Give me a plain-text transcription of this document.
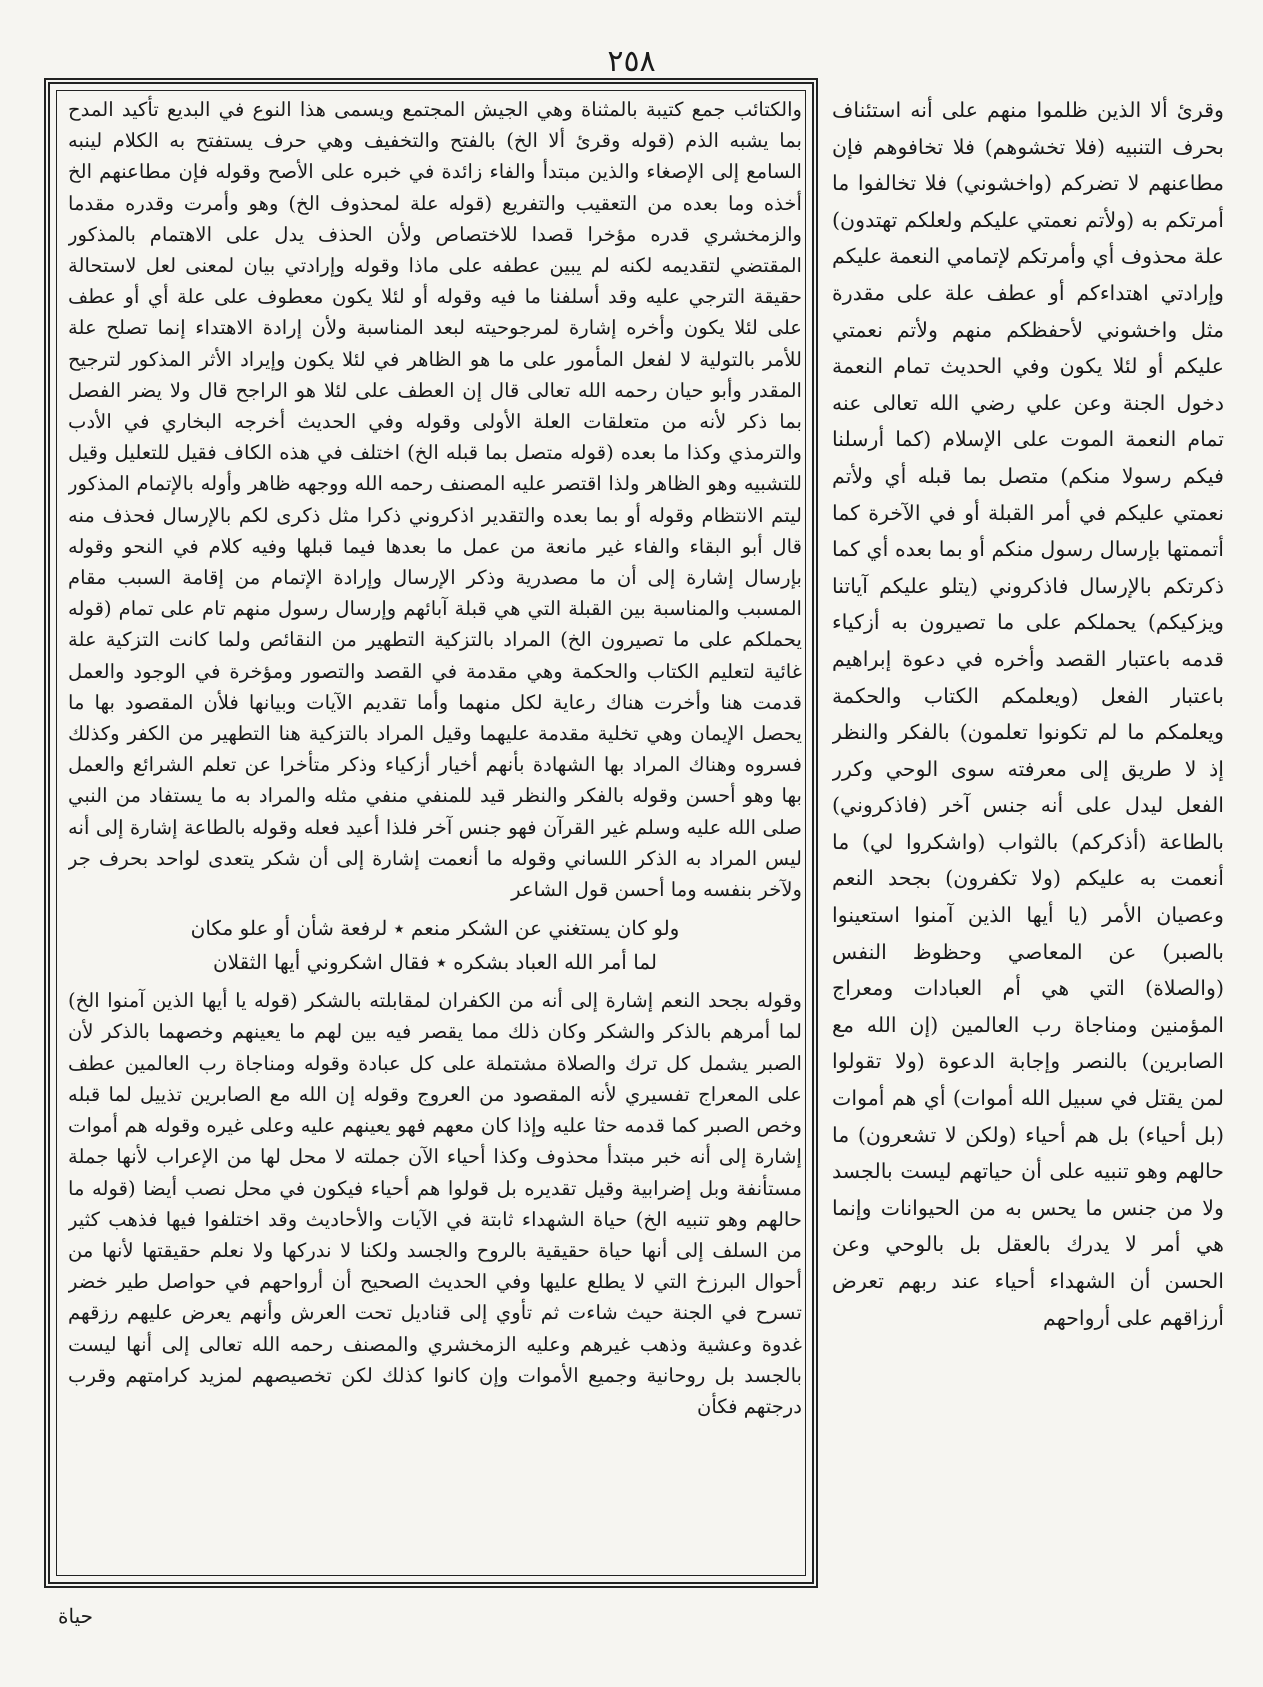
٢٥٨

والكتائب جمع كتيبة بالمثناة وهي الجيش المجتمع ويسمى هذا النوع في البديع تأكيد المدح بما يشبه الذم (قوله وقرئ ألا الخ) بالفتح والتخفيف وهي حرف يستفتح به الكلام لينبه السامع إلى الإصغاء والذين مبتدأ والفاء زائدة في خبره على الأصح وقوله فإن مطاعنهم الخ أخذه وما بعده من التعقيب والتفريع (قوله علة لمحذوف الخ) وهو وأمرت وقدره مقدما والزمخشري قدره مؤخرا قصدا للاختصاص ولأن الحذف يدل على الاهتمام بالمذكور المقتضي لتقديمه لكنه لم يبين عطفه على ماذا وقوله وإرادتي بيان لمعنى لعل لاستحالة حقيقة الترجي عليه وقد أسلفنا ما فيه وقوله أو لئلا يكون معطوف على علة أي أو عطف على لئلا يكون وأخره إشارة لمرجوحيته لبعد المناسبة ولأن إرادة الاهتداء إنما تصلح علة للأمر بالتولية لا لفعل المأمور على ما هو الظاهر في لئلا يكون وإيراد الأثر المذكور لترجيح المقدر وأبو حيان رحمه الله تعالى قال إن العطف على لئلا هو الراجح قال ولا يضر الفصل بما ذكر لأنه من متعلقات العلة الأولى وقوله وفي الحديث أخرجه البخاري في الأدب والترمذي وكذا ما بعده (قوله متصل بما قبله الخ) اختلف في هذه الكاف فقيل للتعليل وقيل للتشبيه وهو الظاهر ولذا اقتصر عليه المصنف رحمه الله ووجهه ظاهر وأوله بالإتمام المذكور ليتم الانتظام وقوله أو بما بعده والتقدير اذكروني ذكرا مثل ذكرى لكم بالإرسال فحذف منه قال أبو البقاء والفاء غير مانعة من عمل ما بعدها فيما قبلها وفيه كلام في النحو وقوله بإرسال إشارة إلى أن ما مصدرية وذكر الإرسال وإرادة الإتمام من إقامة السبب مقام المسبب والمناسبة بين القبلة التي هي قبلة آبائهم وإرسال رسول منهم تام على تمام (قوله يحملكم على ما تصيرون الخ) المراد بالتزكية التطهير من النقائص ولما كانت التزكية علة غائية لتعليم الكتاب والحكمة وهي مقدمة في القصد والتصور ومؤخرة في الوجود والعمل قدمت هنا وأخرت هناك رعاية لكل منهما وأما تقديم الآيات وبيانها فلأن المقصود بها ما يحصل الإيمان وهي تخلية مقدمة عليهما وقيل المراد بالتزكية هنا التطهير من الكفر وكذلك فسروه وهناك المراد بها الشهادة بأنهم أخيار أزكياء وذكر متأخرا عن تعلم الشرائع والعمل بها وهو أحسن وقوله بالفكر والنظر قيد للمنفي منفي مثله والمراد به ما يستفاد من النبي صلى الله عليه وسلم غير القرآن فهو جنس آخر فلذا أعيد فعله وقوله بالطاعة إشارة إلى أنه ليس المراد به الذكر اللساني وقوله ما أنعمت إشارة إلى أن شكر يتعدى لواحد بحرف جر ولآخر بنفسه وما أحسن قول الشاعر

ولو كان يستغني عن الشكر منعم ٭ لرفعة شأن أو علو مكان
لما أمر الله العباد بشكره ٭ فقال اشكروني أيها الثقلان

وقوله بجحد النعم إشارة إلى أنه من الكفران لمقابلته بالشكر (قوله يا أيها الذين آمنوا الخ) لما أمرهم بالذكر والشكر وكان ذلك مما يقصر فيه بين لهم ما يعينهم وخصهما بالذكر لأن الصبر يشمل كل ترك والصلاة مشتملة على كل عبادة وقوله ومناجاة رب العالمين عطف على المعراج تفسيري لأنه المقصود من العروج وقوله إن الله مع الصابرين تذييل لما قبله وخص الصبر كما قدمه حثا عليه وإذا كان معهم فهو يعينهم عليه وعلى غيره وقوله هم أموات إشارة إلى أنه خبر مبتدأ محذوف وكذا أحياء الآن جملته لا محل لها من الإعراب لأنها جملة مستأنفة وبل إضرابية وقيل تقديره بل قولوا هم أحياء فيكون في محل نصب أيضا (قوله ما حالهم وهو تنبيه الخ) حياة الشهداء ثابتة في الآيات والأحاديث وقد اختلفوا فيها فذهب كثير من السلف إلى أنها حياة حقيقية بالروح والجسد ولكنا لا ندركها ولا نعلم حقيقتها لأنها من أحوال البرزخ التي لا يطلع عليها وفي الحديث الصحيح أن أرواحهم في حواصل طير خضر تسرح في الجنة حيث شاءت ثم تأوي إلى قناديل تحت العرش وأنهم يعرض عليهم رزقهم غدوة وعشية وذهب غيرهم وعليه الزمخشري والمصنف رحمه الله تعالى إلى أنها ليست بالجسد بل روحانية وجميع الأموات وإن كانوا كذلك لكن تخصيصهم لمزيد كرامتهم وقرب درجتهم فكأن

وقرئ ألا الذين ظلموا منهم على أنه استئناف بحرف التنبيه (فلا تخشوهم) فلا تخافوهم فإن مطاعنهم لا تضركم (واخشوني) فلا تخالفوا ما أمرتكم به (ولأتم نعمتي عليكم ولعلكم تهتدون) علة محذوف أي وأمرتكم لإتمامي النعمة عليكم وإرادتي اهتداءكم أو عطف علة على مقدرة مثل واخشوني لأحفظكم منهم ولأتم نعمتي عليكم أو لئلا يكون وفي الحديث تمام النعمة دخول الجنة وعن علي رضي الله تعالى عنه تمام النعمة الموت على الإسلام (كما أرسلنا فيكم رسولا منكم) متصل بما قبله أي ولأتم نعمتي عليكم في أمر القبلة أو في الآخرة كما أتممتها بإرسال رسول منكم أو بما بعده أي كما ذكرتكم بالإرسال فاذكروني (يتلو عليكم آياتنا ويزكيكم) يحملكم على ما تصيرون به أزكياء قدمه باعتبار القصد وأخره في دعوة إبراهيم باعتبار الفعل (ويعلمكم الكتاب والحكمة ويعلمكم ما لم تكونوا تعلمون) بالفكر والنظر إذ لا طريق إلى معرفته سوى الوحي وكرر الفعل ليدل على أنه جنس آخر (فاذكروني) بالطاعة (أذكركم) بالثواب (واشكروا لي) ما أنعمت به عليكم (ولا تكفرون) بجحد النعم وعصيان الأمر (يا أيها الذين آمنوا استعينوا بالصبر) عن المعاصي وحظوظ النفس (والصلاة) التي هي أم العبادات ومعراج المؤمنين ومناجاة رب العالمين (إن الله مع الصابرين) بالنصر وإجابة الدعوة (ولا تقولوا لمن يقتل في سبيل الله أموات) أي هم أموات (بل أحياء) بل هم أحياء (ولكن لا تشعرون) ما حالهم وهو تنبيه على أن حياتهم ليست بالجسد ولا من جنس ما يحس به من الحيوانات وإنما هي أمر لا يدرك بالعقل بل بالوحي وعن الحسن أن الشهداء أحياء عند ربهم تعرض أرزاقهم على أرواحهم
حياة
